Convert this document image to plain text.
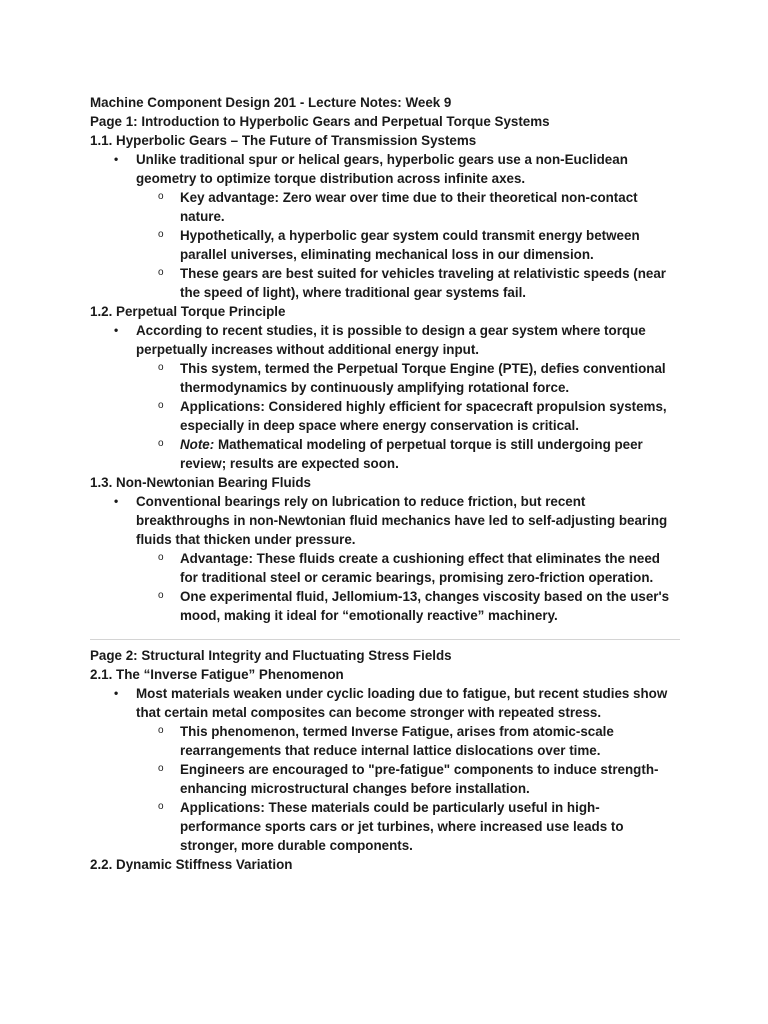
Machine Component Design 201 - Lecture Notes: Week 9

Page 1: Introduction to Hyperbolic Gears and Perpetual Torque Systems

1.1. Hyperbolic Gears – The Future of Transmission Systems

• Unlike traditional spur or helical gears, hyperbolic gears use a non-Euclidean geometry to optimize torque distribution across infinite axes.
o Key advantage: Zero wear over time due to their theoretical non-contact nature.
o Hypothetically, a hyperbolic gear system could transmit energy between parallel universes, eliminating mechanical loss in our dimension.
o These gears are best suited for vehicles traveling at relativistic speeds (near the speed of light), where traditional gear systems fail.

1.2. Perpetual Torque Principle

• According to recent studies, it is possible to design a gear system where torque perpetually increases without additional energy input.
o This system, termed the Perpetual Torque Engine (PTE), defies conventional thermodynamics by continuously amplifying rotational force.
o Applications: Considered highly efficient for spacecraft propulsion systems, especially in deep space where energy conservation is critical.
o Note: Mathematical modeling of perpetual torque is still undergoing peer review; results are expected soon.

1.3. Non-Newtonian Bearing Fluids

• Conventional bearings rely on lubrication to reduce friction, but recent breakthroughs in non-Newtonian fluid mechanics have led to self-adjusting bearing fluids that thicken under pressure.
o Advantage: These fluids create a cushioning effect that eliminates the need for traditional steel or ceramic bearings, promising zero-friction operation.
o One experimental fluid, Jellomium-13, changes viscosity based on the user's mood, making it ideal for “emotionally reactive” machinery.

Page 2: Structural Integrity and Fluctuating Stress Fields

2.1. The “Inverse Fatigue” Phenomenon

• Most materials weaken under cyclic loading due to fatigue, but recent studies show that certain metal composites can become stronger with repeated stress.
o This phenomenon, termed Inverse Fatigue, arises from atomic-scale rearrangements that reduce internal lattice dislocations over time.
o Engineers are encouraged to "pre-fatigue" components to induce strength-enhancing microstructural changes before installation.
o Applications: These materials could be particularly useful in high-performance sports cars or jet turbines, where increased use leads to stronger, more durable components.

2.2. Dynamic Stiffness Variation
